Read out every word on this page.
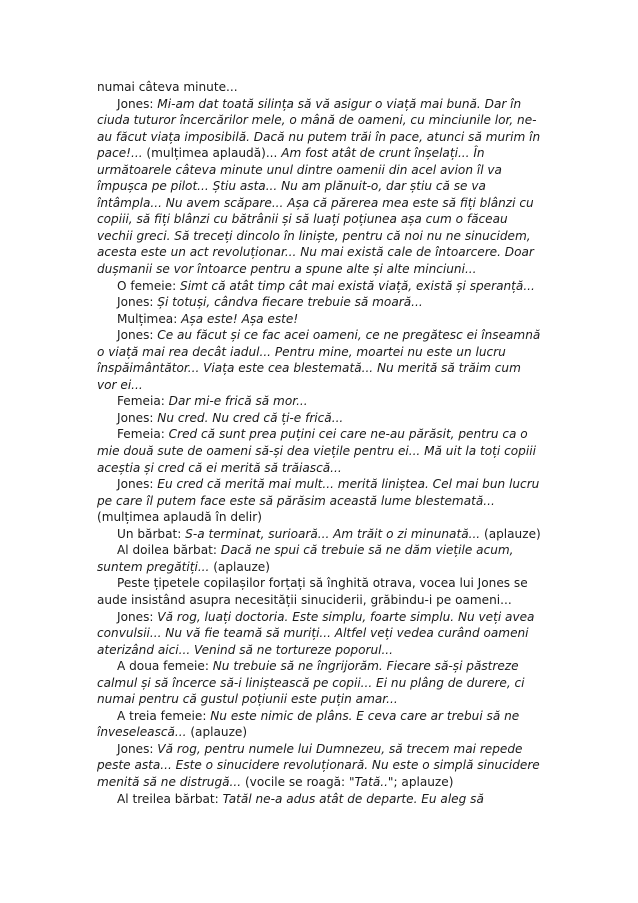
numai câteva minute...

Jones: Mi-am dat toată silința să vă asigur o viață mai bună. Dar în ciuda tuturor încercărilor mele, o mână de oameni, cu minciunile lor, ne-au făcut viața imposibilă. Dacă nu putem trăi în pace, atunci să murim în pace!... (mulțimea aplaudă)... Am fost atât de crunt înșelați... În următoarele câteva minute unul dintre oamenii din acel avion îl va împușca pe pilot... Știu asta... Nu am plănuit-o, dar știu că se va întâmpla... Nu avem scăpare... Așa că părerea mea este să fiți blânzi cu copiii, să fiți blânzi cu bătrânii și să luați poțiunea așa cum o făceau vechii greci. Să treceți dincolo în liniște, pentru că noi nu ne sinucidem, acesta este un act revoluționar... Nu mai există cale de întoarcere. Doar dușmanii se vor întoarce pentru a spune alte și alte minciuni...

O femeie: Simt că atât timp cât mai există viață, există și speranță...

Jones: Și totuși, cândva fiecare trebuie să moară...

Mulțimea: Așa este! Așa este!

Jones: Ce au făcut și ce fac acei oameni, ce ne pregătesc ei înseamnă o viață mai rea decât iadul... Pentru mine, moartei nu este un lucru înspăimântător... Viața este cea blestemată... Nu merită să trăim cum vor ei...

Femeia: Dar mi-e frică să mor...

Jones: Nu cred. Nu cred că ți-e frică...

Femeia: Cred că sunt prea puțini cei care ne-au părăsit, pentru ca o mie două sute de oameni să-și dea viețile pentru ei... Mă uit la toți copiii aceștia și cred că ei merită să trăiască...

Jones: Eu cred că merită mai mult... merită liniștea. Cel mai bun lucru pe care îl putem face este să părăsim această lume blestemată... (mulțimea aplaudă în delir)

Un bărbat: S-a terminat, surioară... Am trăit o zi minunată... (aplauze)

Al doilea bărbat: Dacă ne spui că trebuie să ne dăm viețile acum, suntem pregătiți... (aplauze)

Peste țipetele copilașilor forțați să înghită otrava, vocea lui Jones se aude insistând asupra necesității sinuciderii, grăbindu-i pe oameni...

Jones: Vă rog, luați doctoria. Este simplu, foarte simplu. Nu veți avea convulsii... Nu vă fie teamă să muriți... Altfel veți vedea curând oameni aterizând aici... Venind să ne tortureze poporul...

A doua femeie: Nu trebuie să ne îngrijorăm. Fiecare să-și păstreze calmul și să încerce să-i liniștească pe copii... Ei nu plâng de durere, ci numai pentru că gustul poțiunii este puțin amar...

A treia femeie: Nu este nimic de plâns. E ceva care ar trebui să ne înveselească... (aplauze)

Jones: Vă rog, pentru numele lui Dumnezeu, să trecem mai repede peste asta... Este o sinucidere revoluționară. Nu este o simplă sinucidere menită să ne distrugă... (vocile se roagă: "Tată.."; aplauze)

Al treilea bărbat: Tatăl ne-a adus atât de departe. Eu aleg să
